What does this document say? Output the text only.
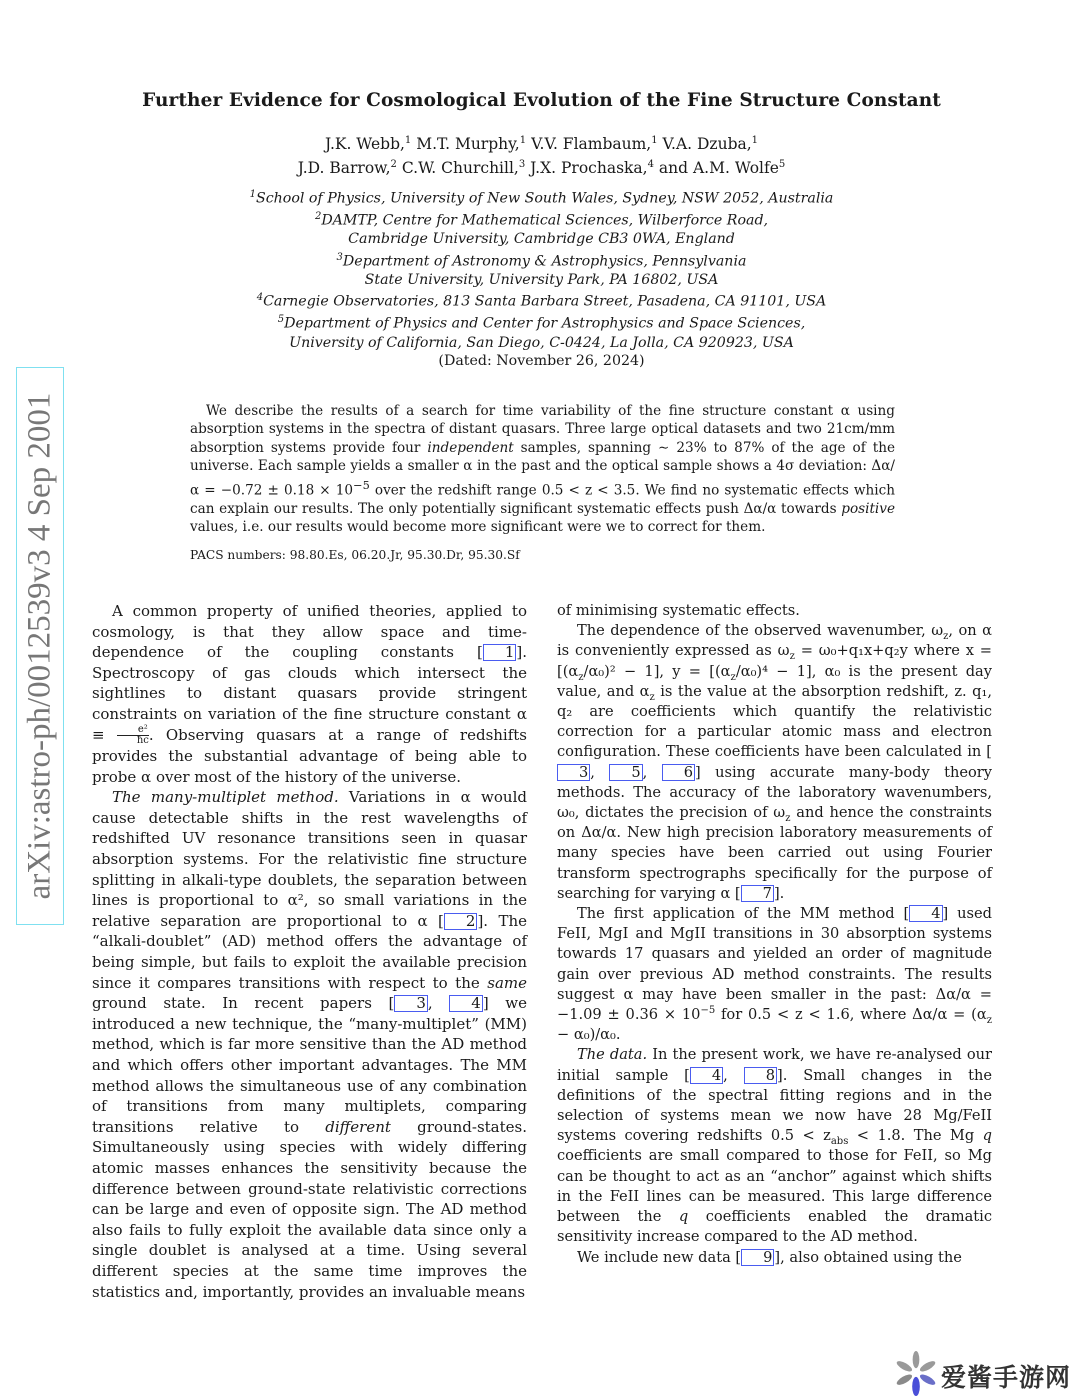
Further Evidence for Cosmological Evolution of the Fine Structure Constant
J.K. Webb,$^1$ M.T. Murphy,$^1$ V.V. Flambaum,$^1$ V.A. Dzuba,$^1$
J.D. Barrow,$^2$ C.W. Churchill,$^3$ J.X. Prochaska,$^4$ and A.M. Wolfe$^5$
$^1$School of Physics, University of New South Wales, Sydney, NSW 2052, Australia
$^2$DAMTP, Centre for Mathematical Sciences, Wilberforce Road,
Cambridge University, Cambridge CB3 0WA, England
$^3$Department of Astronomy & Astrophysics, Pennsylvania
State University, University Park, PA 16802, USA
$^4$Carnegie Observatories, 813 Santa Barbara Street, Pasadena, CA 91101, USA
$^5$Department of Physics and Center for Astrophysics and Space Sciences,
University of California, San Diego, C-0424, La Jolla, CA 920923, USA
(Dated: November 26, 2024)

We describe the results of a search for time variability of the fine structure constant α using absorption systems in the spectra of distant quasars. Three large optical datasets and two 21cm/mm absorption systems provide four independent samples, spanning ∼ 23% to 87% of the age of the universe. Each sample yields a smaller α in the past and the optical sample shows a 4σ deviation: $\Delta\alpha/\alpha = -0.72 \pm 0.18 \times 10^{-5}$ over the redshift range 0.5 < z < 3.5. We find no systematic effects which can explain our results. The only potentially significant systematic effects push Δα/α towards positive values, i.e. our results would become more significant were we to correct for them.

PACS numbers: 98.80.Es, 06.20.Jr, 95.30.Dr, 95.30.Sf

A common property of unified theories, applied to cosmology, is that they allow space and time-dependence of the coupling constants [ 1 ]. Spectroscopy of gas clouds which intersect the sightlines to distant quasars provide stringent constraints on variation of the fine structure constant $\alpha \equiv \frac{\text{e²}}{ħc}$ . Observing quasars at a range of redshifts provides the substantial advantage of being able to probe α over most of the history of the universe.

The many-multiplet method. Variations in α would cause detectable shifts in the rest wavelengths of redshifted UV resonance transitions seen in quasar absorption systems. For the relativistic fine structure splitting in alkali-type doublets, the separation between lines is proportional to α², so small variations in the relative separation are proportional to α [ 2 ]. The “alkali-doublet” (AD) method offers the advantage of being simple, but fails to exploit the available precision since it compares transitions with respect to the same ground state. In recent papers [ 3 , 4 ] we introduced a new technique, the “many-multiplet” (MM) method, which is far more sensitive than the AD method and which offers other important advantages. The MM method allows the simultaneous use of any combination of transitions from many multiplets, comparing transitions relative to different ground-states. Simultaneously using species with widely differing atomic masses enhances the sensitivity because the difference between ground-state relativistic corrections can be large and even of opposite sign. The AD method also fails to fully exploit the available data since only a single doublet is analysed at a time. Using several different species at the same time improves the statistics and, importantly, provides an invaluable means

of minimising systematic effects.

The dependence of the observed wavenumber, $\omega_z$, on α is conveniently expressed as $\omega_z = \omega_0+q_1x+q_2y$ where $x = [(\alpha_z/\alpha_0)^2 - 1]$, $y = [(\alpha_z/\alpha_0)^4 - 1]$, α₀ is the present day value, and $\alpha_z$ is the value at the absorption redshift, z. q₁, q₂ are coefficients which quantify the relativistic correction for a particular atomic mass and electron configuration. These coefficients have been calculated in [3 , 5 , 6 ] using accurate many-body theory methods. The accuracy of the laboratory wavenumbers, ω₀, dictates the precision of $\omega_z$ and hence the constraints on Δα/α. New high precision laboratory measurements of many species have been carried out using Fourier transform spectrographs specifically for the purpose of searching for varying α [ 7 ].

The first application of the MM method [ 4 ] used FeII, MgI and MgII transitions in 30 absorption systems towards 17 quasars and yielded an order of magnitude gain over previous AD method constraints. The results suggest α may have been smaller in the past: $\Delta\alpha/\alpha = -1.09 \pm 0.36 \times 10^{-5}$ for 0.5 < z < 1.6, where $\Delta\alpha/\alpha = (\alpha_z - \alpha_0)/\alpha_0$.

The data. In the present work, we have re-analysed our initial sample [ 4 , 8 ]. Small changes in the definitions of the spectral fitting regions and in the selection of systems mean we now have 28 Mg/FeII systems covering redshifts $0.5 < z_{abs} < 1.8$. The Mg q coefficients are small compared to those for FeII, so Mg can be thought to act as an “anchor” against which shifts in the FeII lines can be measured. This large difference between the q coefficients enabled the dramatic sensitivity increase compared to the AD method.

We include new data [ 9 ], also obtained using the

arXiv:astro-ph/0012539v3 4 Sep 2001
爱酱手游网
